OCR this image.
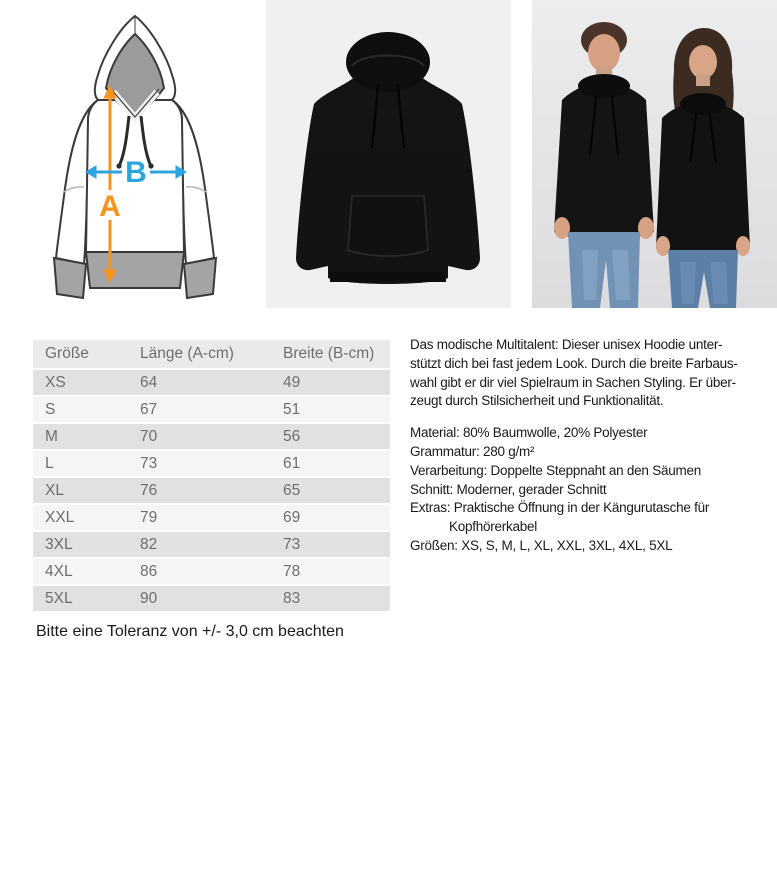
A
B
Größe	Länge (A-cm)	Breite (B-cm)
XS	64	49
S	67	51
M	70	56
L	73	61
XL	76	65
XXL	79	69
3XL	82	73
4XL	86	78
5XL	90	83
Bitte eine Toleranz von +/- 3,0 cm beachten
Das modische Multitalent: Dieser unisex Hoodie unter-
stützt dich bei fast jedem Look. Durch die breite Farbaus-
wahl gibt er dir viel Spielraum in Sachen Styling. Er über-
zeugt durch Stilsicherheit und Funktionalität.
Material: 80% Baumwolle, 20% Polyester
Grammatur: 280 g/m²
Verarbeitung: Doppelte Steppnaht an den Säumen
Schnitt: Moderner, gerader Schnitt
Extras: Praktische Öffnung in der Kängurutasche für
Kopfhörerkabel
Größen: XS, S, M, L, XL, XXL, 3XL, 4XL, 5XL
